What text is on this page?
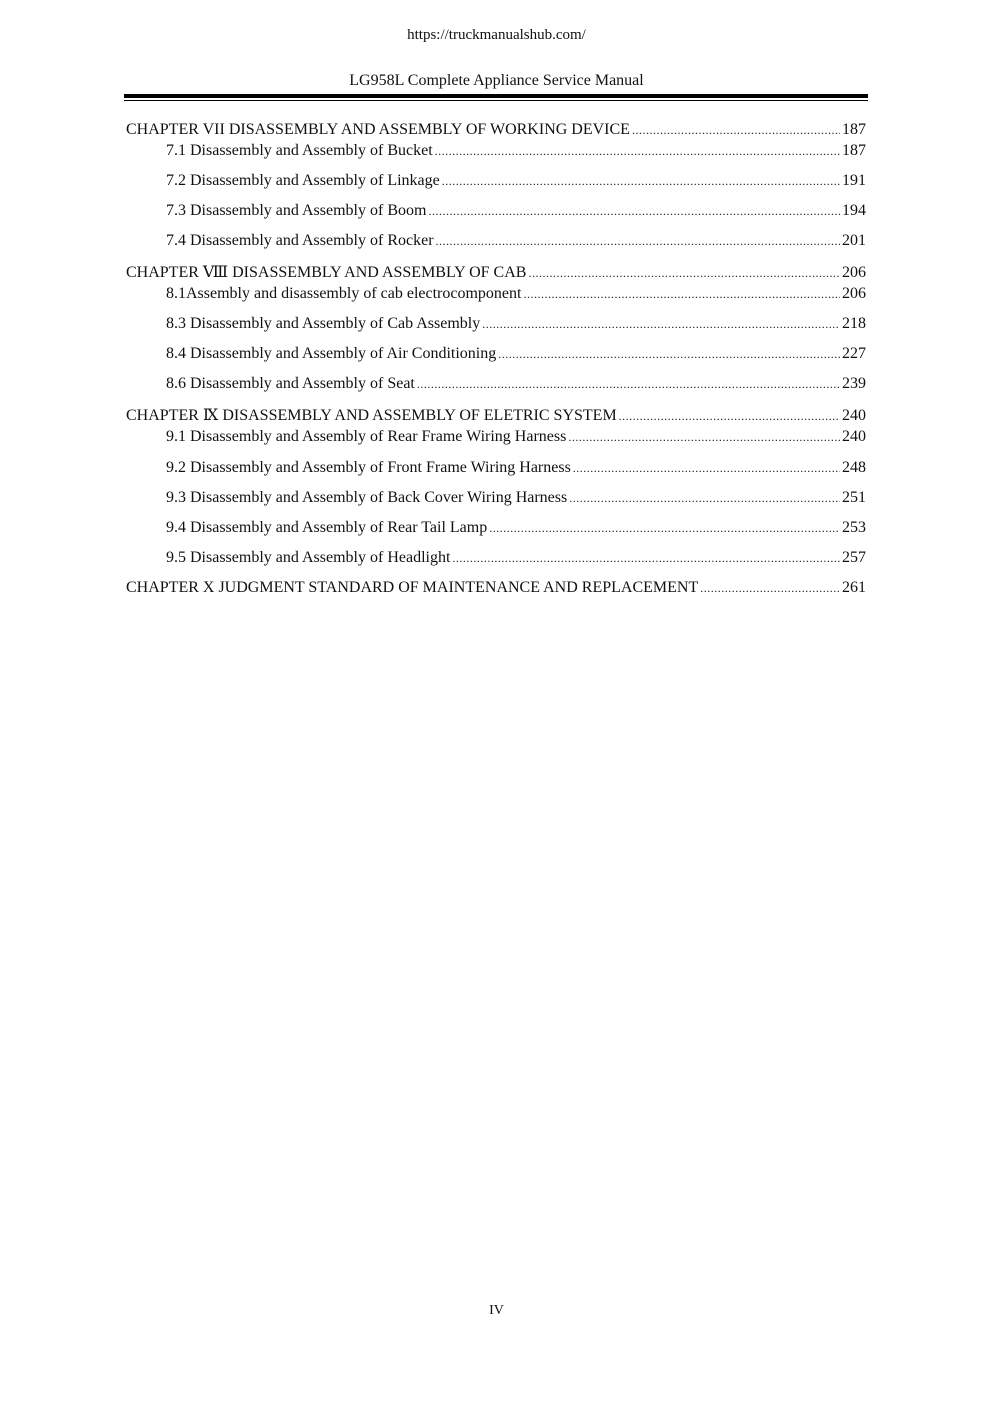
https://truckmanualshub.com/
LG958L Complete Appliance Service Manual
CHAPTER VII DISASSEMBLY AND ASSEMBLY OF WORKING DEVICE .....	187
7.1 Disassembly and Assembly of Bucket .....	187
7.2 Disassembly and Assembly of Linkage .....	191
7.3 Disassembly and Assembly of Boom .....	194
7.4 Disassembly and Assembly of Rocker .....	201
CHAPTER Ⅷ DISASSEMBLY AND ASSEMBLY OF CAB .....	206
8.1Assembly and disassembly of cab electrocomponent .....	206
8.3 Disassembly and Assembly of Cab Assembly .....	218
8.4 Disassembly and Assembly of Air Conditioning .....	227
8.6 Disassembly and Assembly of Seat .....	239
CHAPTER Ⅸ DISASSEMBLY AND ASSEMBLY OF ELETRIC SYSTEM .....	240
9.1 Disassembly and Assembly of Rear Frame Wiring Harness .....	240
9.2 Disassembly and Assembly of Front Frame Wiring Harness .....	248
9.3 Disassembly and Assembly of Back Cover Wiring Harness .....	251
9.4 Disassembly and Assembly of Rear Tail Lamp .....	253
9.5 Disassembly and Assembly of Headlight .....	257
CHAPTER X JUDGMENT STANDARD OF MAINTENANCE AND REPLACEMENT .....	261
IV
